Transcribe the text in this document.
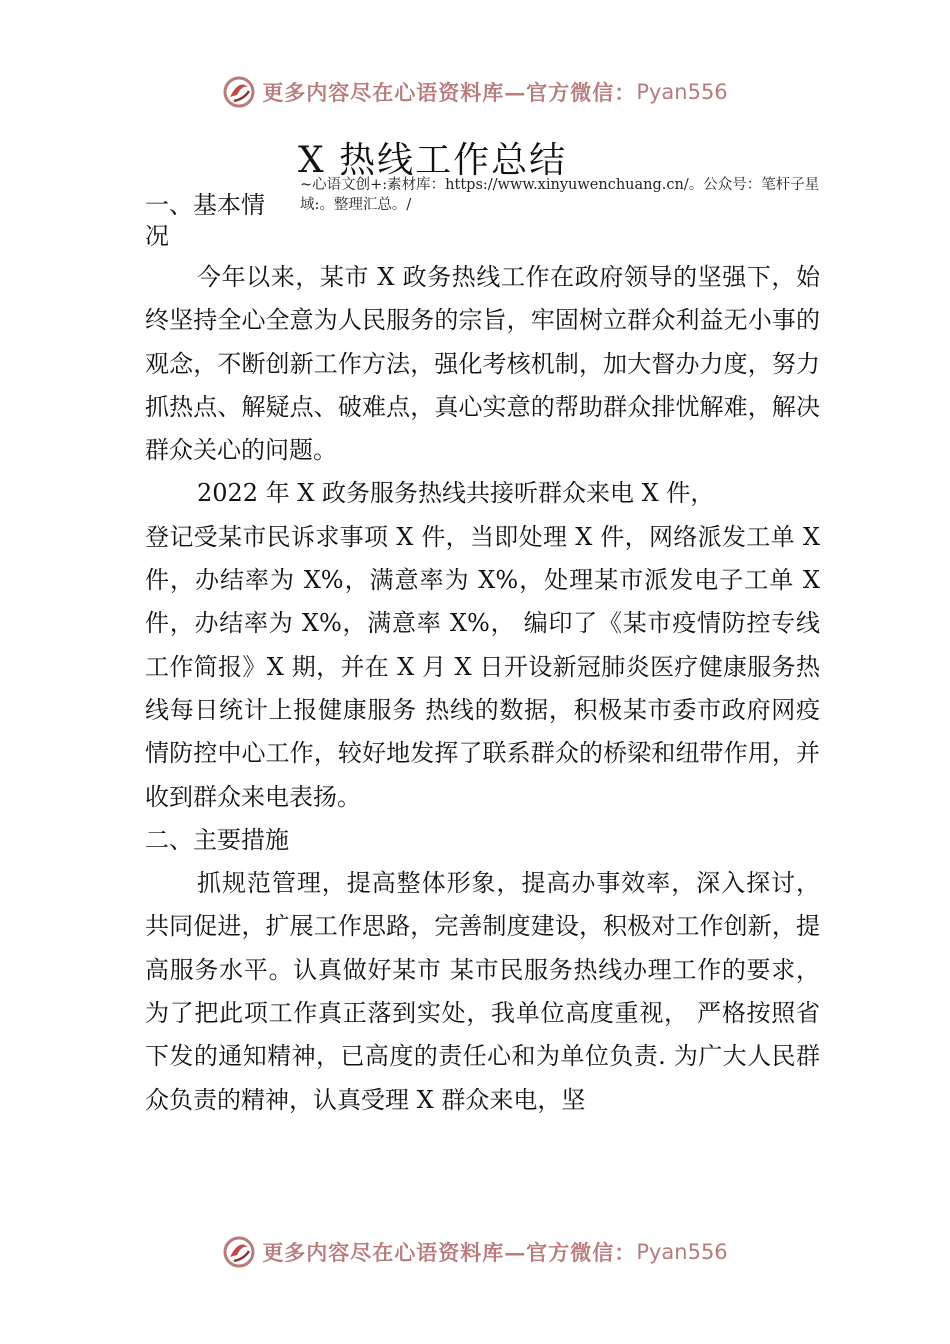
更多内容尽在心语资料库—官方微信： Pyan556
X 热线工作总结
~心语文创+:素材库：https://www.xinyuwenchuang.cn/。公众号：笔杆子星域:。整理汇总。/
一、基本情况

今年以来，某市 X 政务热线工作在政府领导的坚强下，始终坚持全心全意为人民服务的宗旨，牢固树立群众利益无小事的观念，不断创新工作方法，强化考核机制，加大督办力度，努力抓热点、解疑点、破难点，真心实意的帮助群众排忧解难，解决群众关心的问题。

2022 年 X 政务服务热线共接听群众来电 X 件，

登记受某市民诉求事项 X 件，当即处理 X 件，网络派发工单 X 件，办结率为 X%，满意率为 X%，处理某市派发电子工单 X 件，办结率为 X%，满意率 X%， 编印了《某市疫情防控专线工作简报》X 期，并在 X 月 X 日开设新冠肺炎医疗健康服务热线每日统计上报健康服务 热线的数据，积极某市委市政府网疫情防控中心工作，较好地发挥了联系群众的桥梁和纽带作用，并收到群众来电表扬。

二、主要措施

抓规范管理，提高整体形象，提高办事效率，深入探讨，共同促进，扩展工作思路，完善制度建设，积极对工作创新，提高服务水平。认真做好某市 某市民服务热线办理工作的要求，为了把此项工作真正落到实处，我单位高度重视， 严格按照省下发的通知精神，已高度的责任心和为单位负责. 为广大人民群众负责的精神，认真受理 X 群众来电，坚

更多内容尽在心语资料库—官方微信： Pyan556
